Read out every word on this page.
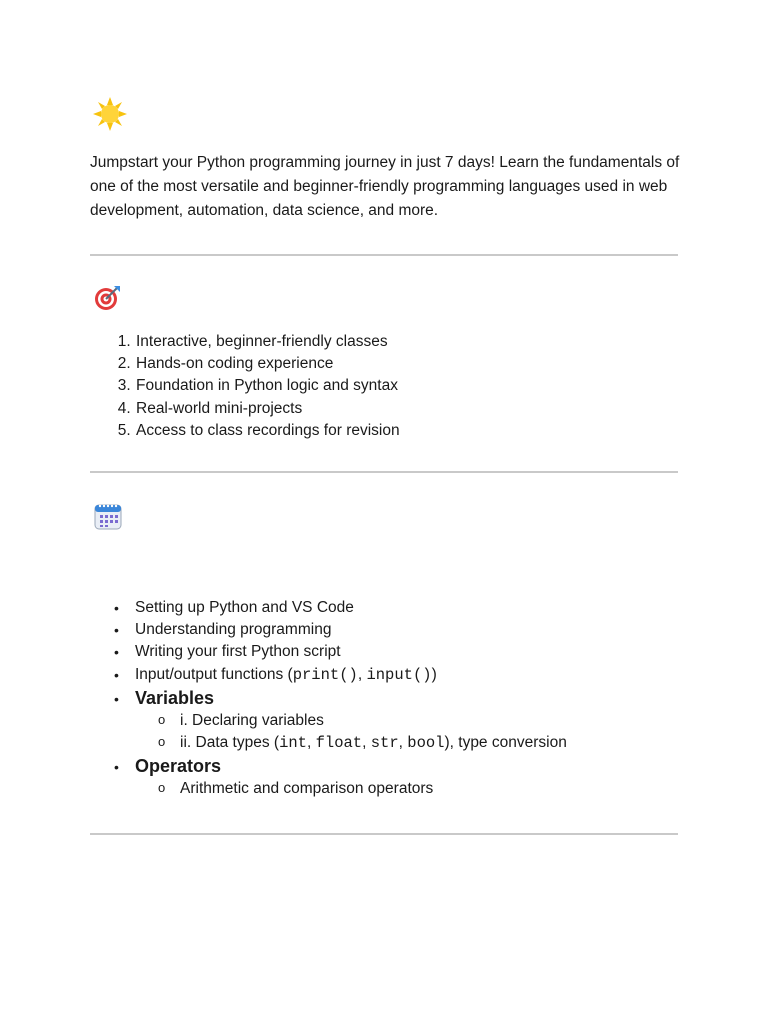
Jumpstart your Python programming journey in just 7 days! Learn the fundamentals of one of the most versatile and beginner-friendly programming languages used in web development, automation, data science, and more.

1. Interactive, beginner-friendly classes
2. Hands-on coding experience
3. Foundation in Python logic and syntax
4. Real-world mini-projects
5. Access to class recordings for revision
• Setting up Python and VS Code
• Understanding programming
• Writing your first Python script
• Input/output functions (print(), input())
• Variables
o i. Declaring variables
o ii. Data types (int, float, str, bool), type conversion
• Operators
o Arithmetic and comparison operators
